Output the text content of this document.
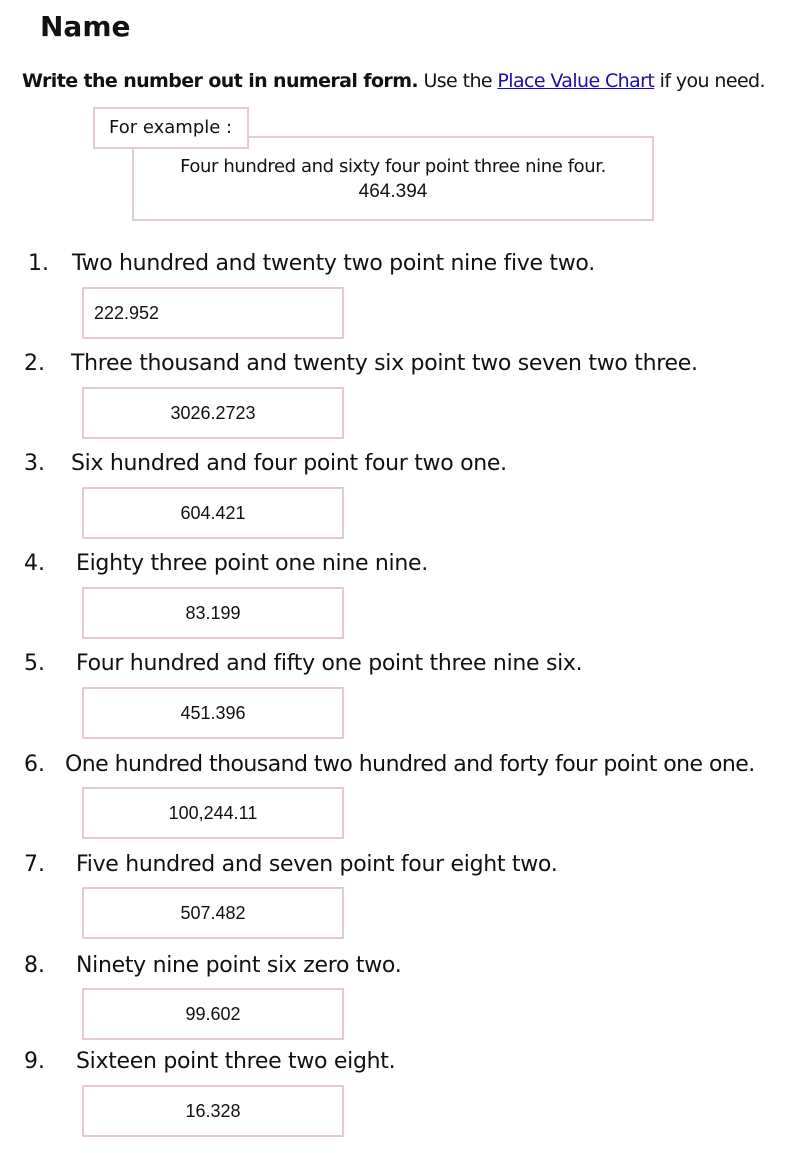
Name
Write the number out in numeral form. Use the Place Value Chart if you need.
Four hundred and sixty four point three nine four.
464.394
For example :
1. Two hundred and twenty two point nine five two.
222.952
2. Three thousand and twenty six point two seven two three.
3026.2723
3. Six hundred and four point four two one.
604.421
4. Eighty three point one nine nine.
83.199
5. Four hundred and fifty one point three nine six.
451.396
6. One hundred thousand two hundred and forty four point one one.
100,244.11
7. Five hundred and seven point four eight two.
507.482
8. Ninety nine point six zero two.
99.602
9. Sixteen point three two eight.
16.328
